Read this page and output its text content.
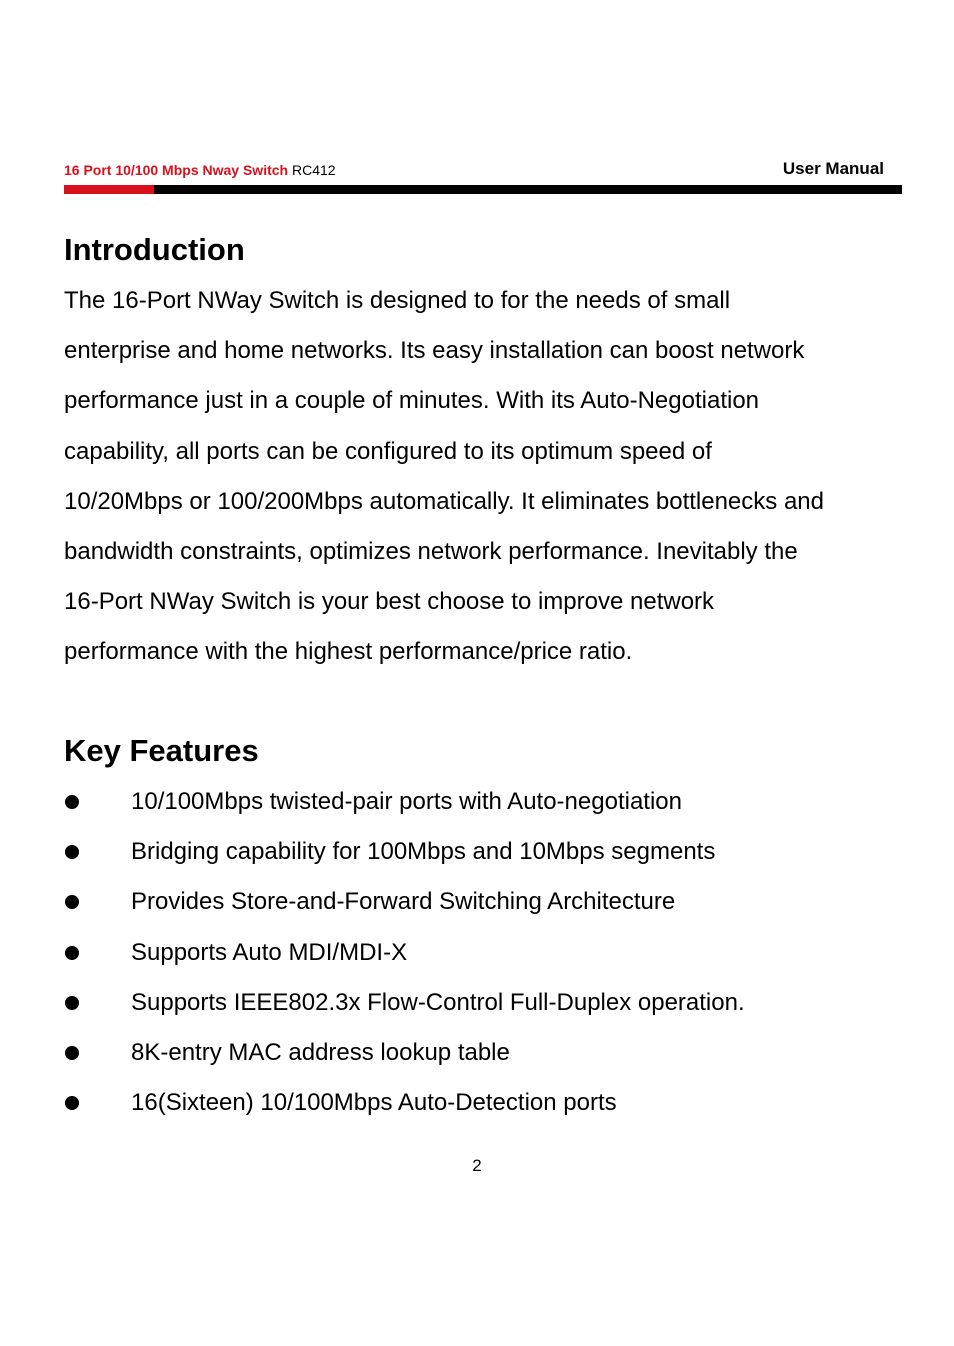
16 Port 10/100 Mbps Nway Switch RC412	User Manual
Introduction
The 16-Port NWay Switch is designed to for the needs of small
enterprise and home networks. Its easy installation can boost network
performance just in a couple of minutes. With its Auto-Negotiation
capability, all ports can be configured to its optimum speed of
10/20Mbps or 100/200Mbps automatically. It eliminates bottlenecks and
bandwidth constraints, optimizes network performance. Inevitably the
16-Port NWay Switch is your best choose to improve network
performance with the highest performance/price ratio.
Key Features
10/100Mbps twisted-pair ports with Auto-negotiation
Bridging capability for 100Mbps and 10Mbps segments
Provides Store-and-Forward Switching Architecture
Supports Auto MDI/MDI-X
Supports IEEE802.3x Flow-Control Full-Duplex operation.
8K-entry MAC address lookup table
16(Sixteen) 10/100Mbps Auto-Detection ports
2
